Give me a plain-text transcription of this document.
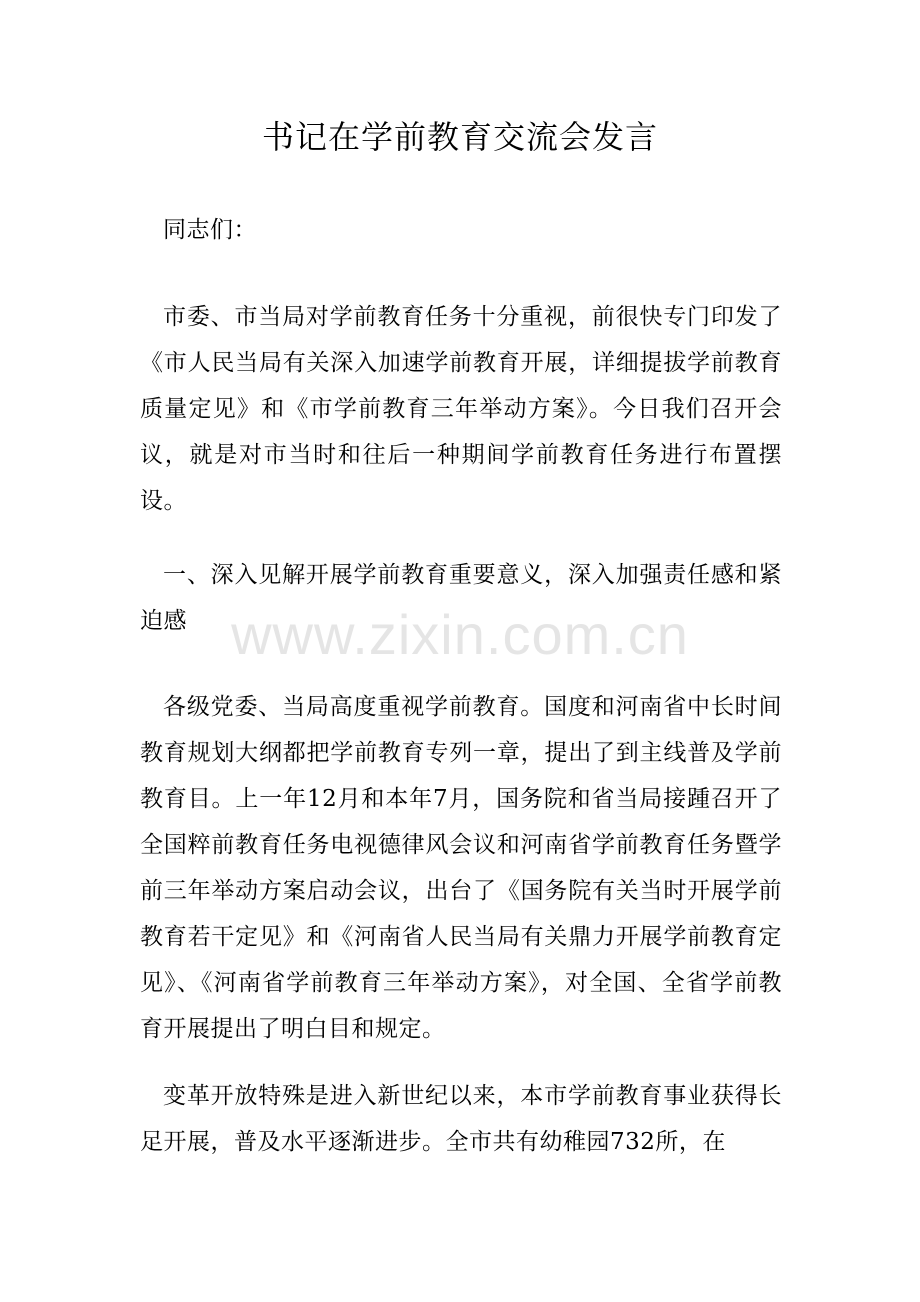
书记在学前教育交流会发言

同志们：

市委、市当局对学前教育任务十分重视，前很快专门印发了《市人民当局有关深入加速学前教育开展，详细提拔学前教育质量定见》和《市学前教育三年举动方案》。今日我们召开会议，就是对市当时和往后一种期间学前教育任务进行布置摆设。

一、深入见解开展学前教育重要意义，深入加强责任感和紧迫感

各级党委、当局高度重视学前教育。国度和河南省中长时间教育规划大纲都把学前教育专列一章，提出了到主线普及学前教育目。上一年12月和本年7月，国务院和省当局接踵召开了全国粹前教育任务电视德律风会议和河南省学前教育任务暨学前三年举动方案启动会议，出台了《国务院有关当时开展学前教育若干定见》和《河南省人民当局有关鼎力开展学前教育定见》、《河南省学前教育三年举动方案》，对全国、全省学前教育开展提出了明白目和规定。

变革开放特殊是进入新世纪以来，本市学前教育事业获得长足开展，普及水平逐渐进步。全市共有幼稚园732所，在

www.zixin.com.cn
